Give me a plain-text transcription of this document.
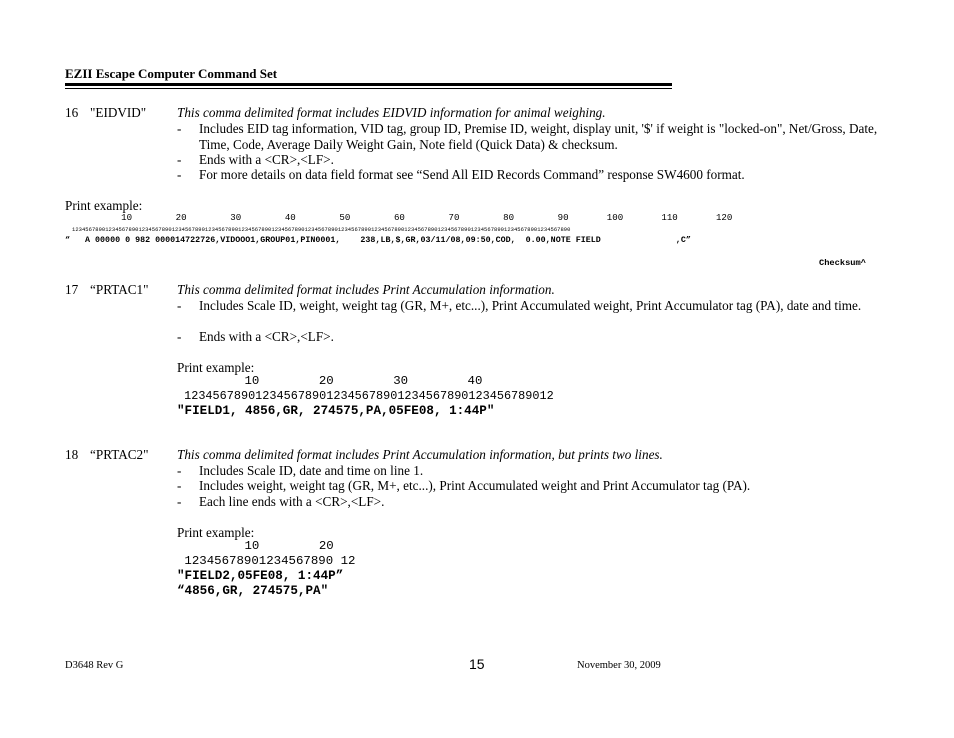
EZII Escape Computer Command Set
16 "EIDVID" This comma delimited format includes EIDVID information for animal weighing.
- Includes EID tag information, VID tag, group ID, Premise ID, weight, display unit, '$' if weight is "locked-on", Net/Gross, Date, Time, Code, Average Daily Weight Gain, Note field (Quick Data) & checksum.
- Ends with a <CR>,<LF>.
- For more details on data field format see “Send All EID Records Command” response SW4600 format.
Print example:
10        20        30        40        50        60        70        80        90       100       110       120
123456789012345678901234567890123456789012345678901234567890123456789012345678901234567890123456789012345678901234567890123456789012345678901234567890
“   A 00000 0 982 000014722726,VIDOOO1,GROUP01,PIN0001,    238,LB,$,GR,03/11/08,09:50,COD,  0.00,NOTE FIELD               ,C”
Checksum^
17 “PRTAC1" This comma delimited format includes Print Accumulation information.
- Includes Scale ID, weight, weight tag (GR, M+, etc...), Print Accumulated weight, Print Accumulator tag (PA), date and time.
- Ends with a <CR>,<LF>.
Print example:
10        20        30        40
1234567890123456789012345678901234567890123456789012
"FIELD1, 4856,GR, 274575,PA,05FE08, 1:44P"
18 “PRTAC2" This comma delimited format includes Print Accumulation information, but prints two lines.
- Includes Scale ID, date and time on line 1.
- Includes weight, weight tag (GR, M+, etc...), Print Accumulated weight and Print Accumulator tag (PA).
- Each line ends with a <CR>,<LF>.
Print example:
10        20
12345678901234567890 12
"FIELD2,05FE08, 1:44P”
“4856,GR, 274575,PA"
D3648 Rev G	15	November 30, 2009
